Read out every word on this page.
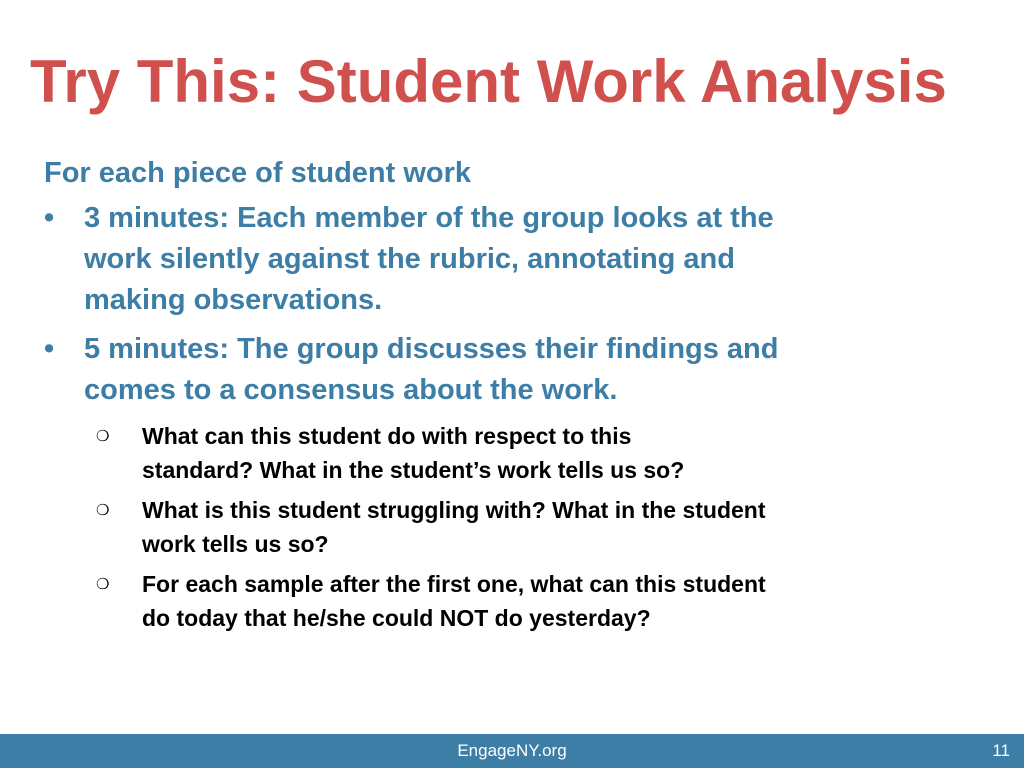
Try This: Student Work Analysis

For each piece of student work

•	3 minutes: Each member of the group looks at the
work silently against the rubric, annotating and
making observations.
•	5 minutes: The group discusses their findings and
comes to a consensus about the work.
❍ What can this student do with respect to this
standard? What in the student’s work tells us so?
❍ What is this student struggling with? What in the student
work tells us so?
❍ For each sample after the first one, what can this student
do today that he/she could NOT do yesterday?
EngageNY.org	11
